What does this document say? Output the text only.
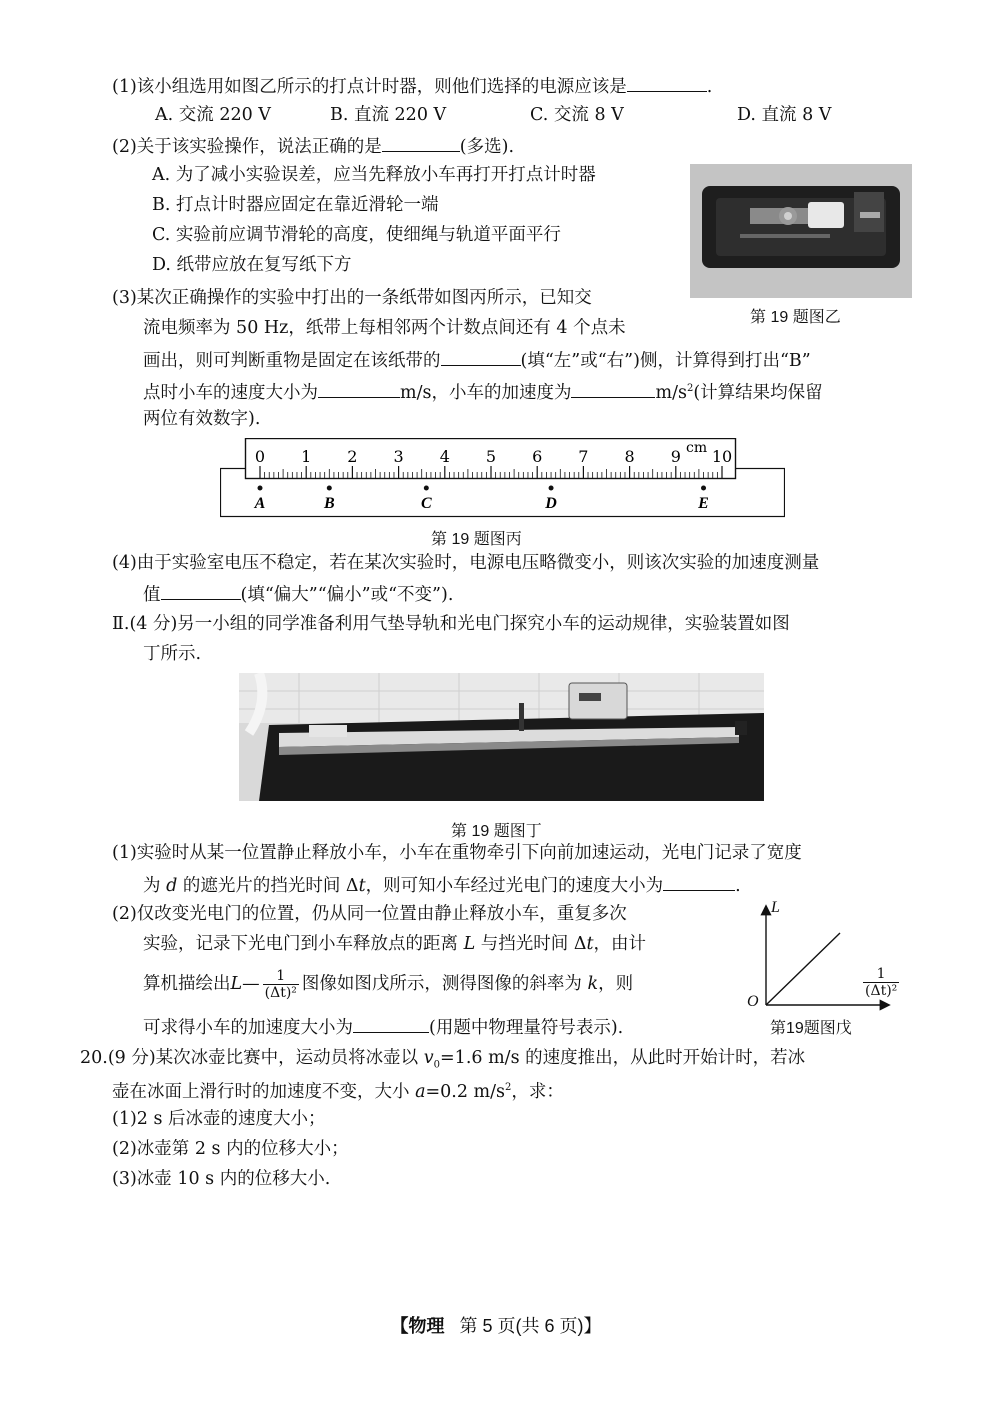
(1)该小组选用如图乙所示的打点计时器，则他们选择的电源应该是	.
A. 交流 220 V	B. 直流 220 V	C. 交流 8 V	D. 直流 8 V
(2)关于该实验操作，说法正确的是	(多选).
A. 为了减小实验误差，应当先释放小车再打开打点计时器
B. 打点计时器应固定在靠近滑轮一端
C. 实验前应调节滑轮的高度，使细绳与轨道平面平行
D. 纸带应放在复写纸下方
第 19 题图乙
(3)某次正确操作的实验中打出的一条纸带如图丙所示，已知交
流电频率为 50 Hz，纸带上每相邻两个计数点间还有 4 个点未
画出，则可判断重物是固定在该纸带的	(填“左”或“右”)侧，计算得到打出“B”
点时小车的速度大小为	m/s，小车的加速度为	$m/s^2$(计算结果均保留
两位有效数字).
0 1 2 3 4 5 6 7 8 9 10
cm
A	B	C	D	E
第 19 题图丙
(4)由于实验室电压不稳定，若在某次实验时，电源电压略微变小，则该次实验的加速度测量
值	(填“偏大”“偏小”或“不变”).
Ⅱ.(4 分)另一小组的同学准备利用气垫导轨和光电门探究小车的运动规律，实验装置如图
丁所示.
第 19 题图丁
(1)实验时从某一位置静止释放小车，小车在重物牵引下向前加速运动，光电门记录了宽度
为 d 的遮光片的挡光时间 Δt，则可知小车经过光电门的速度大小为	.
(2)仅改变光电门的位置，仍从同一位置由静止释放小车，重复多次
实验，记录下光电门到小车释放点的距离 L 与挡光时间 Δt，由计
算机描绘出L— $\frac{1}{\text{(Δt)²}}$ 图像如图戊所示，测得图像的斜率为 k，则
可求得小车的加速度大小为	(用题中物理量符号表示).
L
O
$\frac{1}{\text{(Δt)²}}$
第19题图戊
20.(9 分)某次冰壶比赛中，运动员将冰壶以 $v_0=1.6$ m/s 的速度推出，从此时开始计时，若冰
壶在冰面上滑行时的加速度不变，大小 a=0.2 $m/s^2$，求：
(1)2 s 后冰壶的速度大小；
(2)冰壶第 2 s 内的位移大小；
(3)冰壶 10 s 内的位移大小.
【物理 第 5 页(共 6 页)】
